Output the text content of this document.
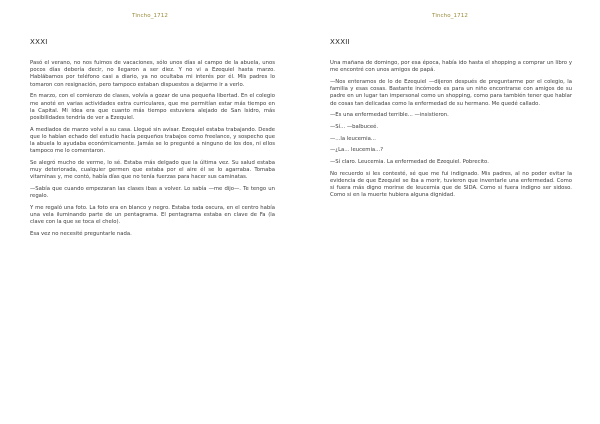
Tincho_1712
XXXI

Pasó el verano, no nos fuimos de vacaciones, sólo unos días al campo de la abuela, unos pocos días debería decir, no llegaron a ser diez. Y no vi a Ezequiel hasta marzo. Hablábamos por teléfono casi a diario, ya no ocultaba mi interés por él. Mis padres lo tomaron con resignación, pero tampoco estaban dispuestos a dejarme ir a verlo.

En marzo, con el comienzo de clases, volvía a gozar de una pequeña libertad. En el colegio me anoté en varias actividades extra curriculares, que me permitían estar más tiempo en la Capital. Mi idea era que cuanto más tiempo estuviera alejado de San Isidro, más posibilidades tendría de ver a Ezequiel.

A mediados de marzo volví a su casa. Llegué sin avisar. Ezequiel estaba trabajando. Desde que lo habían echado del estudio hacía pequeños trabajos como freelance, y sospecho que la abuela lo ayudaba económicamente. Jamás se lo pregunté a ninguno de los dos, ni ellos tampoco me lo comentaron.

Se alegró mucho de verme, lo sé. Estaba más delgado que la última vez. Su salud estaba muy deteriorada, cualquier germen que estaba por el aire él se lo agarraba. Tomaba vitaminas y, me contó, había días que no tenía fuerzas para hacer sus caminatas.

—Sabía que cuando empezaran las clases ibas a volver. Lo sabía —me dijo—. Te tengo un regalo.

Y me regaló una foto. La foto era en blanco y negro. Estaba toda oscura, en el centro había una vela iluminando parte de un pentagrama. El pentagrama estaba en clave de Fa (la clave con la que se toca el chelo).

Esa vez no necesité preguntarle nada.

Tincho_1712
XXXII

Una mañana de domingo, por esa época, había ido hasta el shopping a comprar un libro y me encontré con unos amigos de papá.

—Nos enteramos de lo de Ezequiel —dijeron después de preguntarme por el colegio, la familia y esas cosas. Bastante incómodo es para un niño encontrarse con amigos de su padre en un lugar tan impersonal como un shopping, como para también tener que hablar de cosas tan delicadas como la enfermedad de su hermano. Me quedé callado.

—Es una enfermedad terrible... —insistieron.

—Sí... —balbuceé.

—...la leucemia...

—¿La... leucemia...?

—Sí claro. Leucemia. La enfermedad de Ezequiel. Pobrecito.

No recuerdo si les contesté, sé que me fui indignado. Mis padres, al no poder evitar la evidencia de que Ezequiel se iba a morir, tuvieron que inventarle una enfermedad. Como si fuera más digno morirse de leucemia que de SIDA. Como si fuera indigno ser sidoso. Como si en la muerte hubiera alguna dignidad.
